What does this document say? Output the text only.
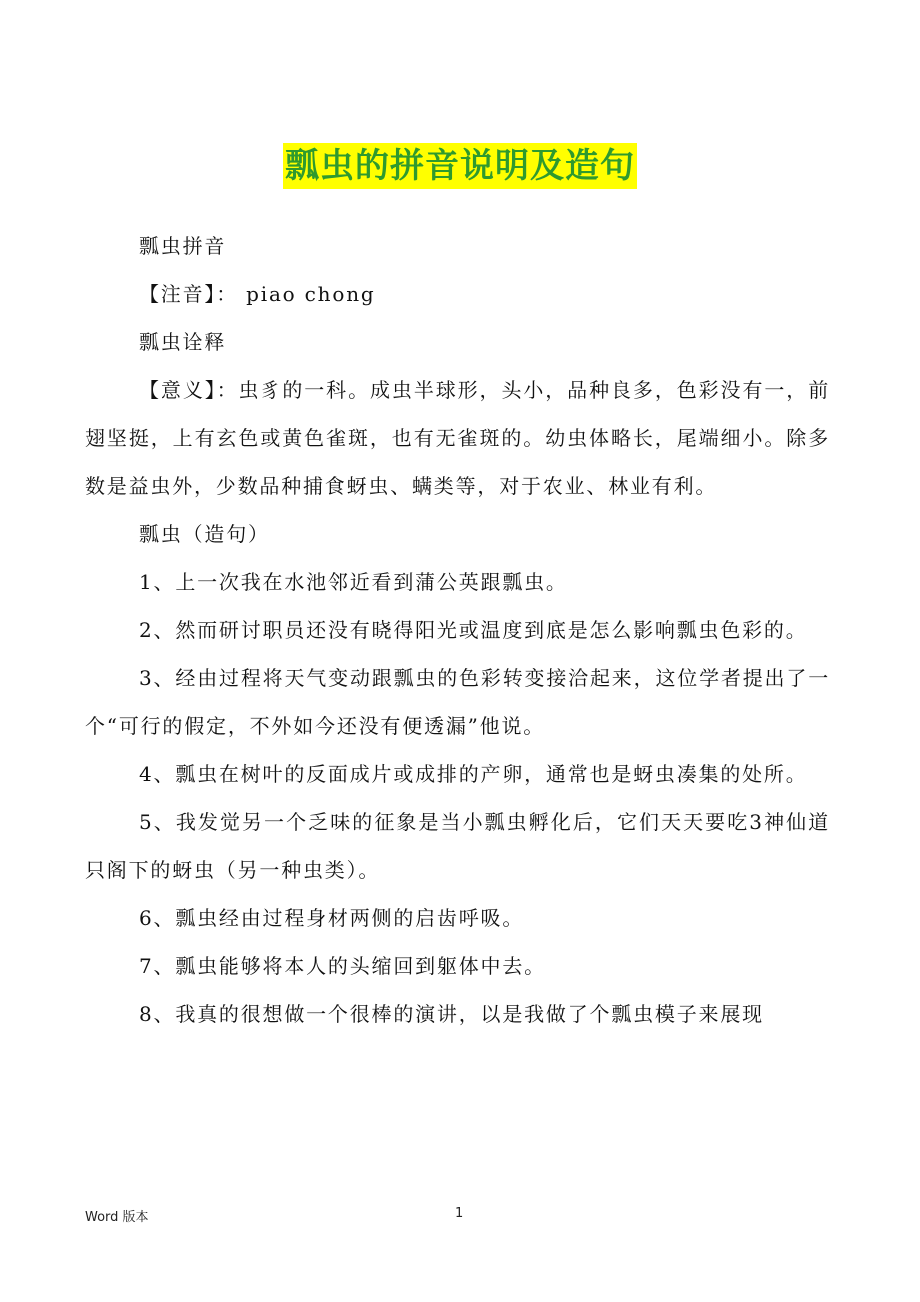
瓢虫的拼音说明及造句

瓢虫拼音

【注音】： piao chong

瓢虫诠释

【意义】：虫豸的一科。成虫半球形，头小，品种良多，色彩没有一，前翅坚挺，上有玄色或黄色雀斑，也有无雀斑的。幼虫体略长，尾端细小。除多数是益虫外，少数品种捕食蚜虫、螨类等，对于农业、林业有利。

瓢虫（造句）

1、上一次我在水池邻近看到蒲公英跟瓢虫。

2、然而研讨职员还没有晓得阳光或温度到底是怎么影响瓢虫色彩的。

3、经由过程将天气变动跟瓢虫的色彩转变接洽起来，这位学者提出了一个“可行的假定，不外如今还没有便透漏”他说。

4、瓢虫在树叶的反面成片或成排的产卵，通常也是蚜虫凑集的处所。

5、我发觉另一个乏味的征象是当小瓢虫孵化后，它们天天要吃3神仙道只阁下的蚜虫（另一种虫类）。

6、瓢虫经由过程身材两侧的启齿呼吸。

7、瓢虫能够将本人的头缩回到躯体中去。

8、我真的很想做一个很棒的演讲，以是我做了个瓢虫模子来展现

Word 版本	1
